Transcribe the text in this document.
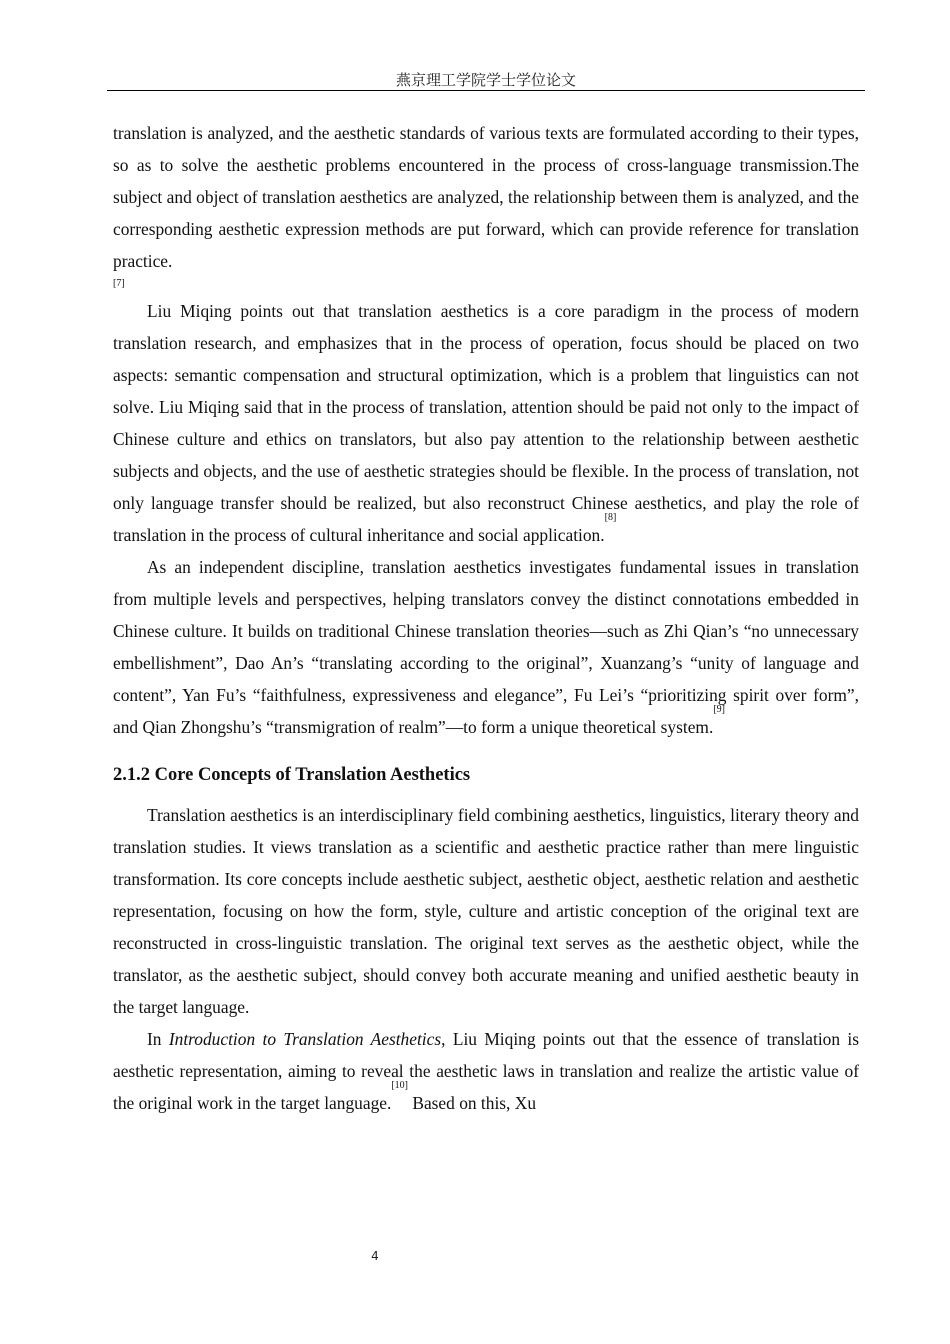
燕京理工学院学士学位论文

translation is analyzed, and the aesthetic standards of various texts are formulated according to their types, so as to solve the aesthetic problems encountered in the process of cross-language transmission.The subject and object of translation aesthetics are analyzed, the relationship between them is analyzed, and the corresponding aesthetic expression methods are put forward, which can provide reference for translation practice.
[7]

Liu Miqing points out that translation aesthetics is a core paradigm in the process of modern translation research, and emphasizes that in the process of operation, focus should be placed on two aspects: semantic compensation and structural optimization, which is a problem that linguistics can not solve. Liu Miqing said that in the process of translation, attention should be paid not only to the impact of Chinese culture and ethics on translators, but also pay attention to the relationship between aesthetic subjects and objects, and the use of aesthetic strategies should be flexible. In the process of translation, not only language transfer should be realized, but also reconstruct Chinese aesthetics, and play the role of translation in the process of cultural inheritance and social application.[8]

As an independent discipline, translation aesthetics investigates fundamental issues in translation from multiple levels and perspectives, helping translators convey the distinct connotations embedded in Chinese culture. It builds on traditional Chinese translation theories—such as Zhi Qian’s “no unnecessary embellishment”, Dao An’s “translating according to the original”, Xuanzang’s “unity of language and content”, Yan Fu’s “faithfulness, expressiveness and elegance”, Fu Lei’s “prioritizing spirit over form”, and Qian Zhongshu’s “transmigration of realm”—to form a unique theoretical system.[9]

2.1.2 Core Concepts of Translation Aesthetics

Translation aesthetics is an interdisciplinary field combining aesthetics, linguistics, literary theory and translation studies. It views translation as a scientific and aesthetic practice rather than mere linguistic transformation. Its core concepts include aesthetic subject, aesthetic object, aesthetic relation and aesthetic representation, focusing on how the form, style, culture and artistic conception of the original text are reconstructed in cross-linguistic translation. The original text serves as the aesthetic object, while the translator, as the aesthetic subject, should convey both accurate meaning and unified aesthetic beauty in the target language.

In Introduction to Translation Aesthetics, Liu Miqing points out that the essence of translation is aesthetic representation, aiming to reveal the aesthetic laws in translation and realize the artistic value of the original work in the target language.[10] Based on this, Xu

4
